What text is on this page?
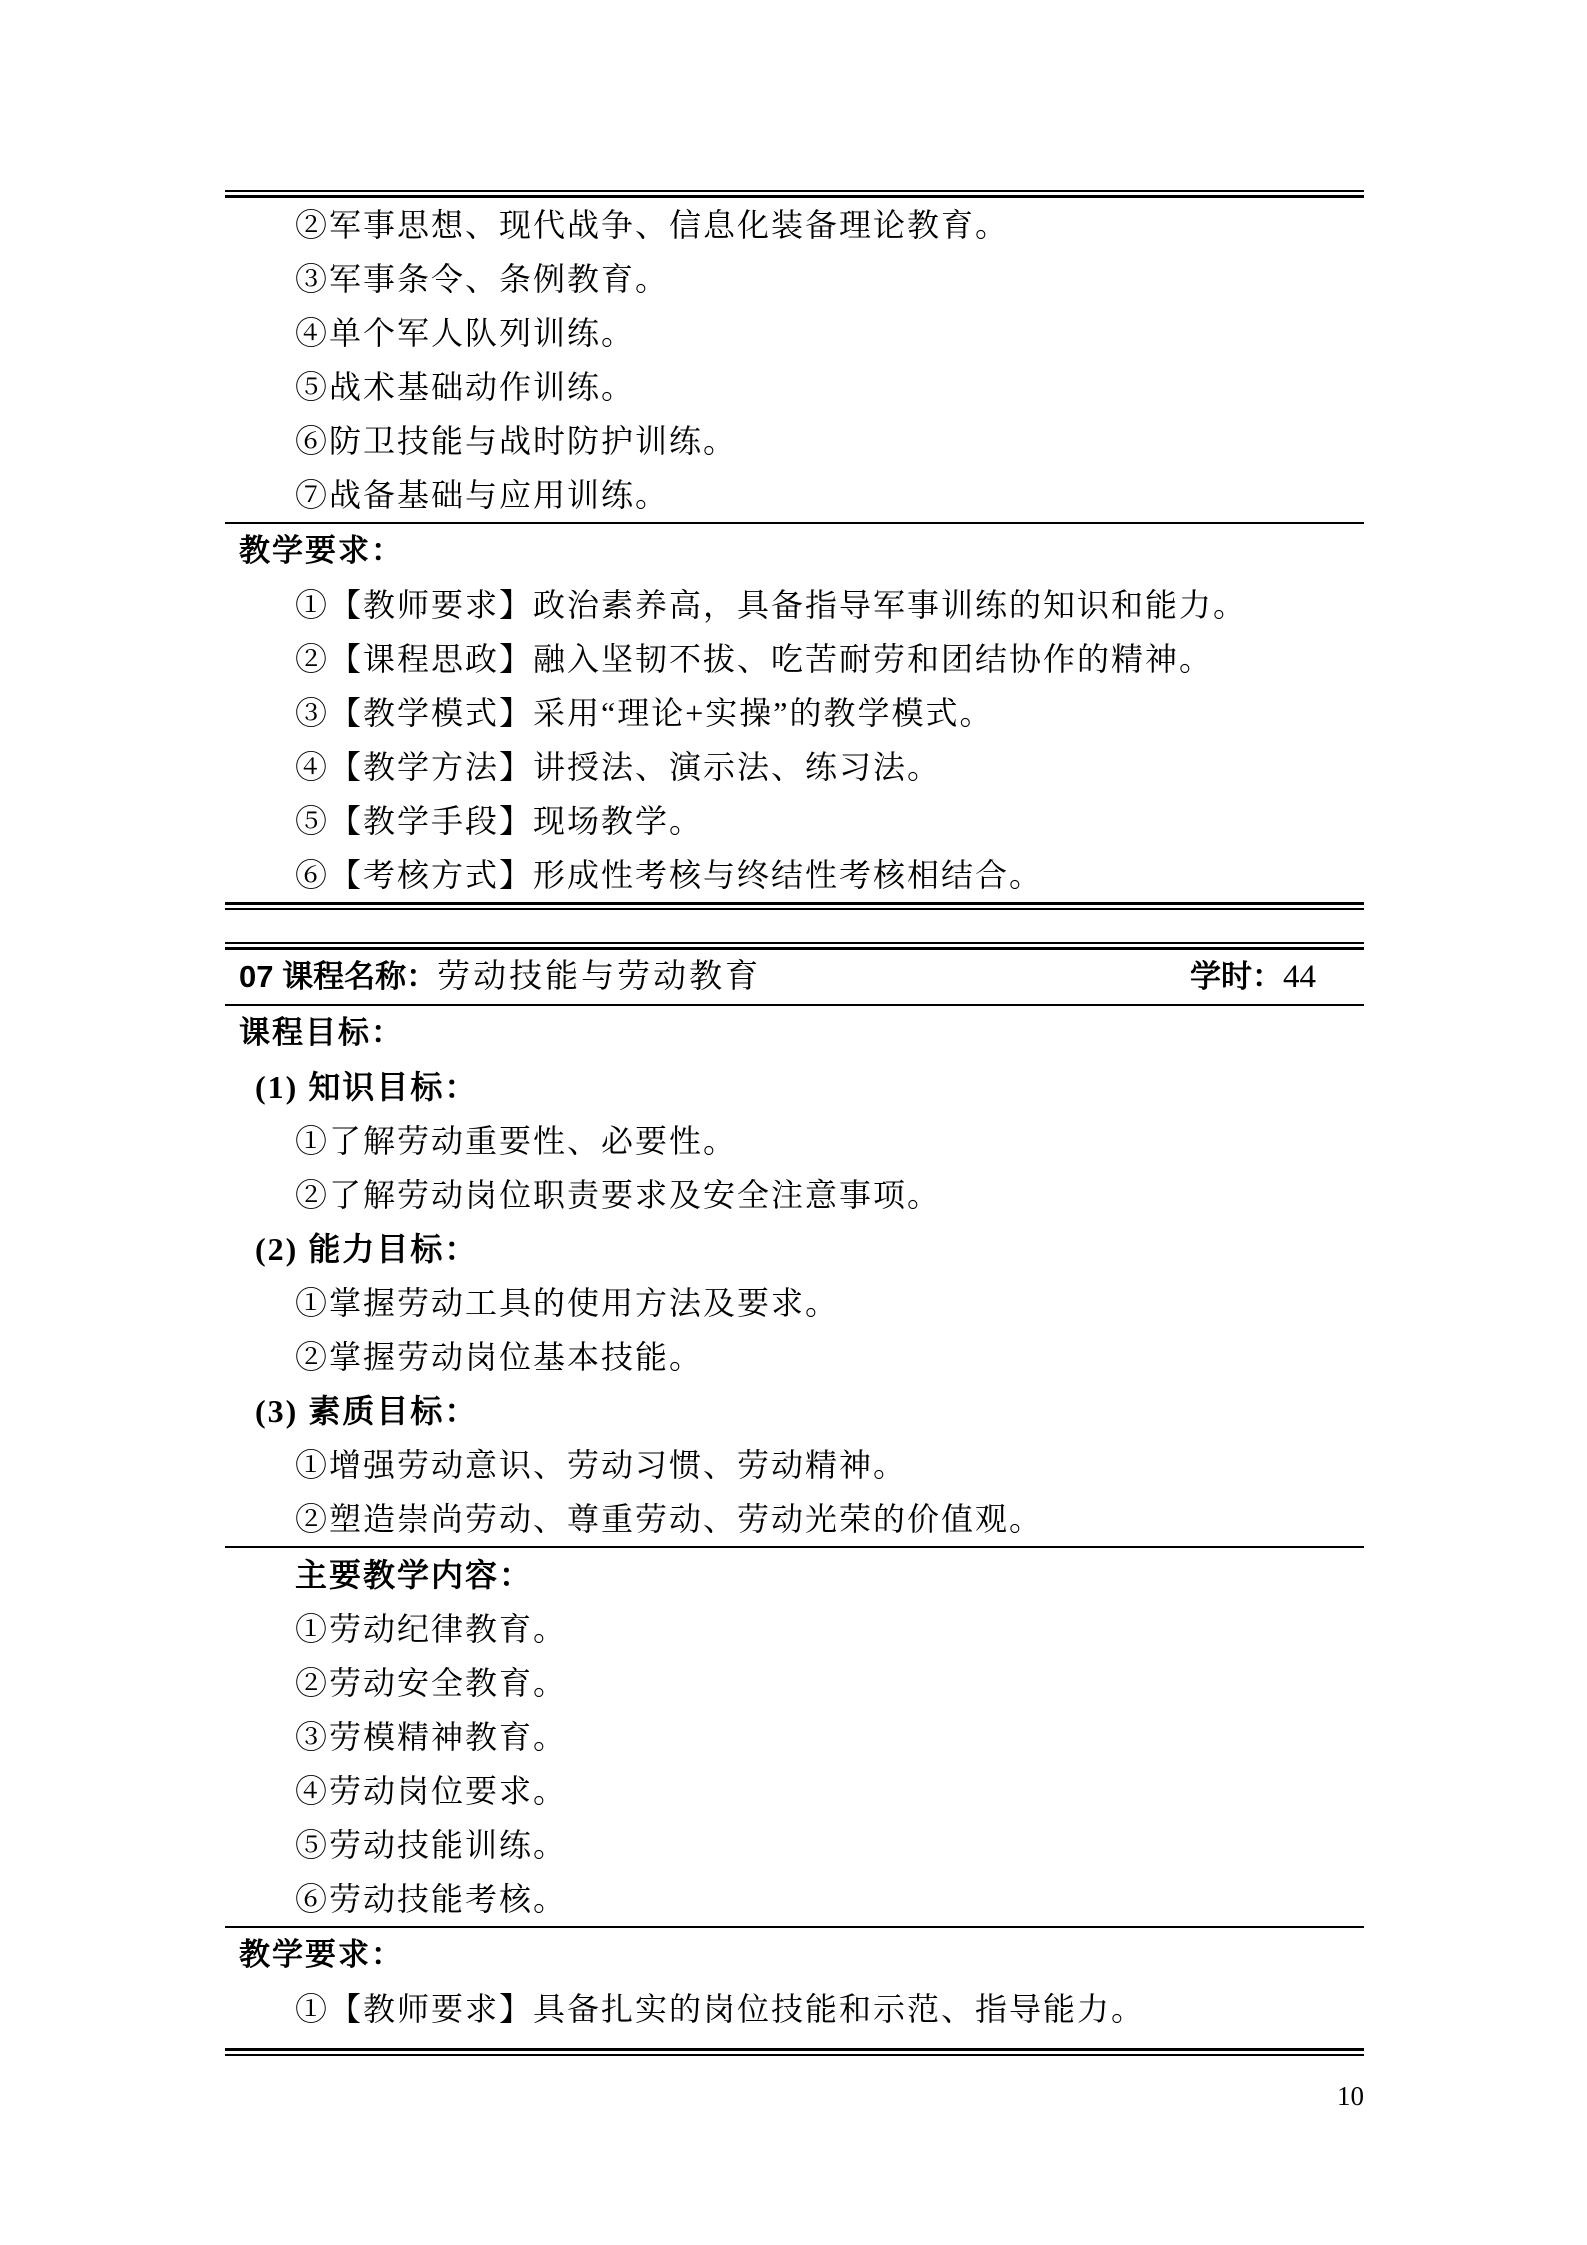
②军事思想、现代战争、信息化装备理论教育。
③军事条令、条例教育。
④单个军人队列训练。
⑤战术基础动作训练。
⑥防卫技能与战时防护训练。
⑦战备基础与应用训练。
教学要求：
①【教师要求】政治素养高，具备指导军事训练的知识和能力。
②【课程思政】融入坚韧不拔、吃苦耐劳和团结协作的精神。
③【教学模式】采用“理论+实操”的教学模式。
④【教学方法】讲授法、演示法、练习法。
⑤【教学手段】现场教学。
⑥【考核方式】形成性考核与终结性考核相结合。
07 课程名称：劳动技能与劳动教育	学时：44
课程目标：
(1) 知识目标：
①了解劳动重要性、必要性。
②了解劳动岗位职责要求及安全注意事项。
(2) 能力目标：
①掌握劳动工具的使用方法及要求。
②掌握劳动岗位基本技能。
(3) 素质目标：
①增强劳动意识、劳动习惯、劳动精神。
②塑造崇尚劳动、尊重劳动、劳动光荣的价值观。
主要教学内容：
①劳动纪律教育。
②劳动安全教育。
③劳模精神教育。
④劳动岗位要求。
⑤劳动技能训练。
⑥劳动技能考核。
教学要求：
①【教师要求】具备扎实的岗位技能和示范、指导能力。
10
